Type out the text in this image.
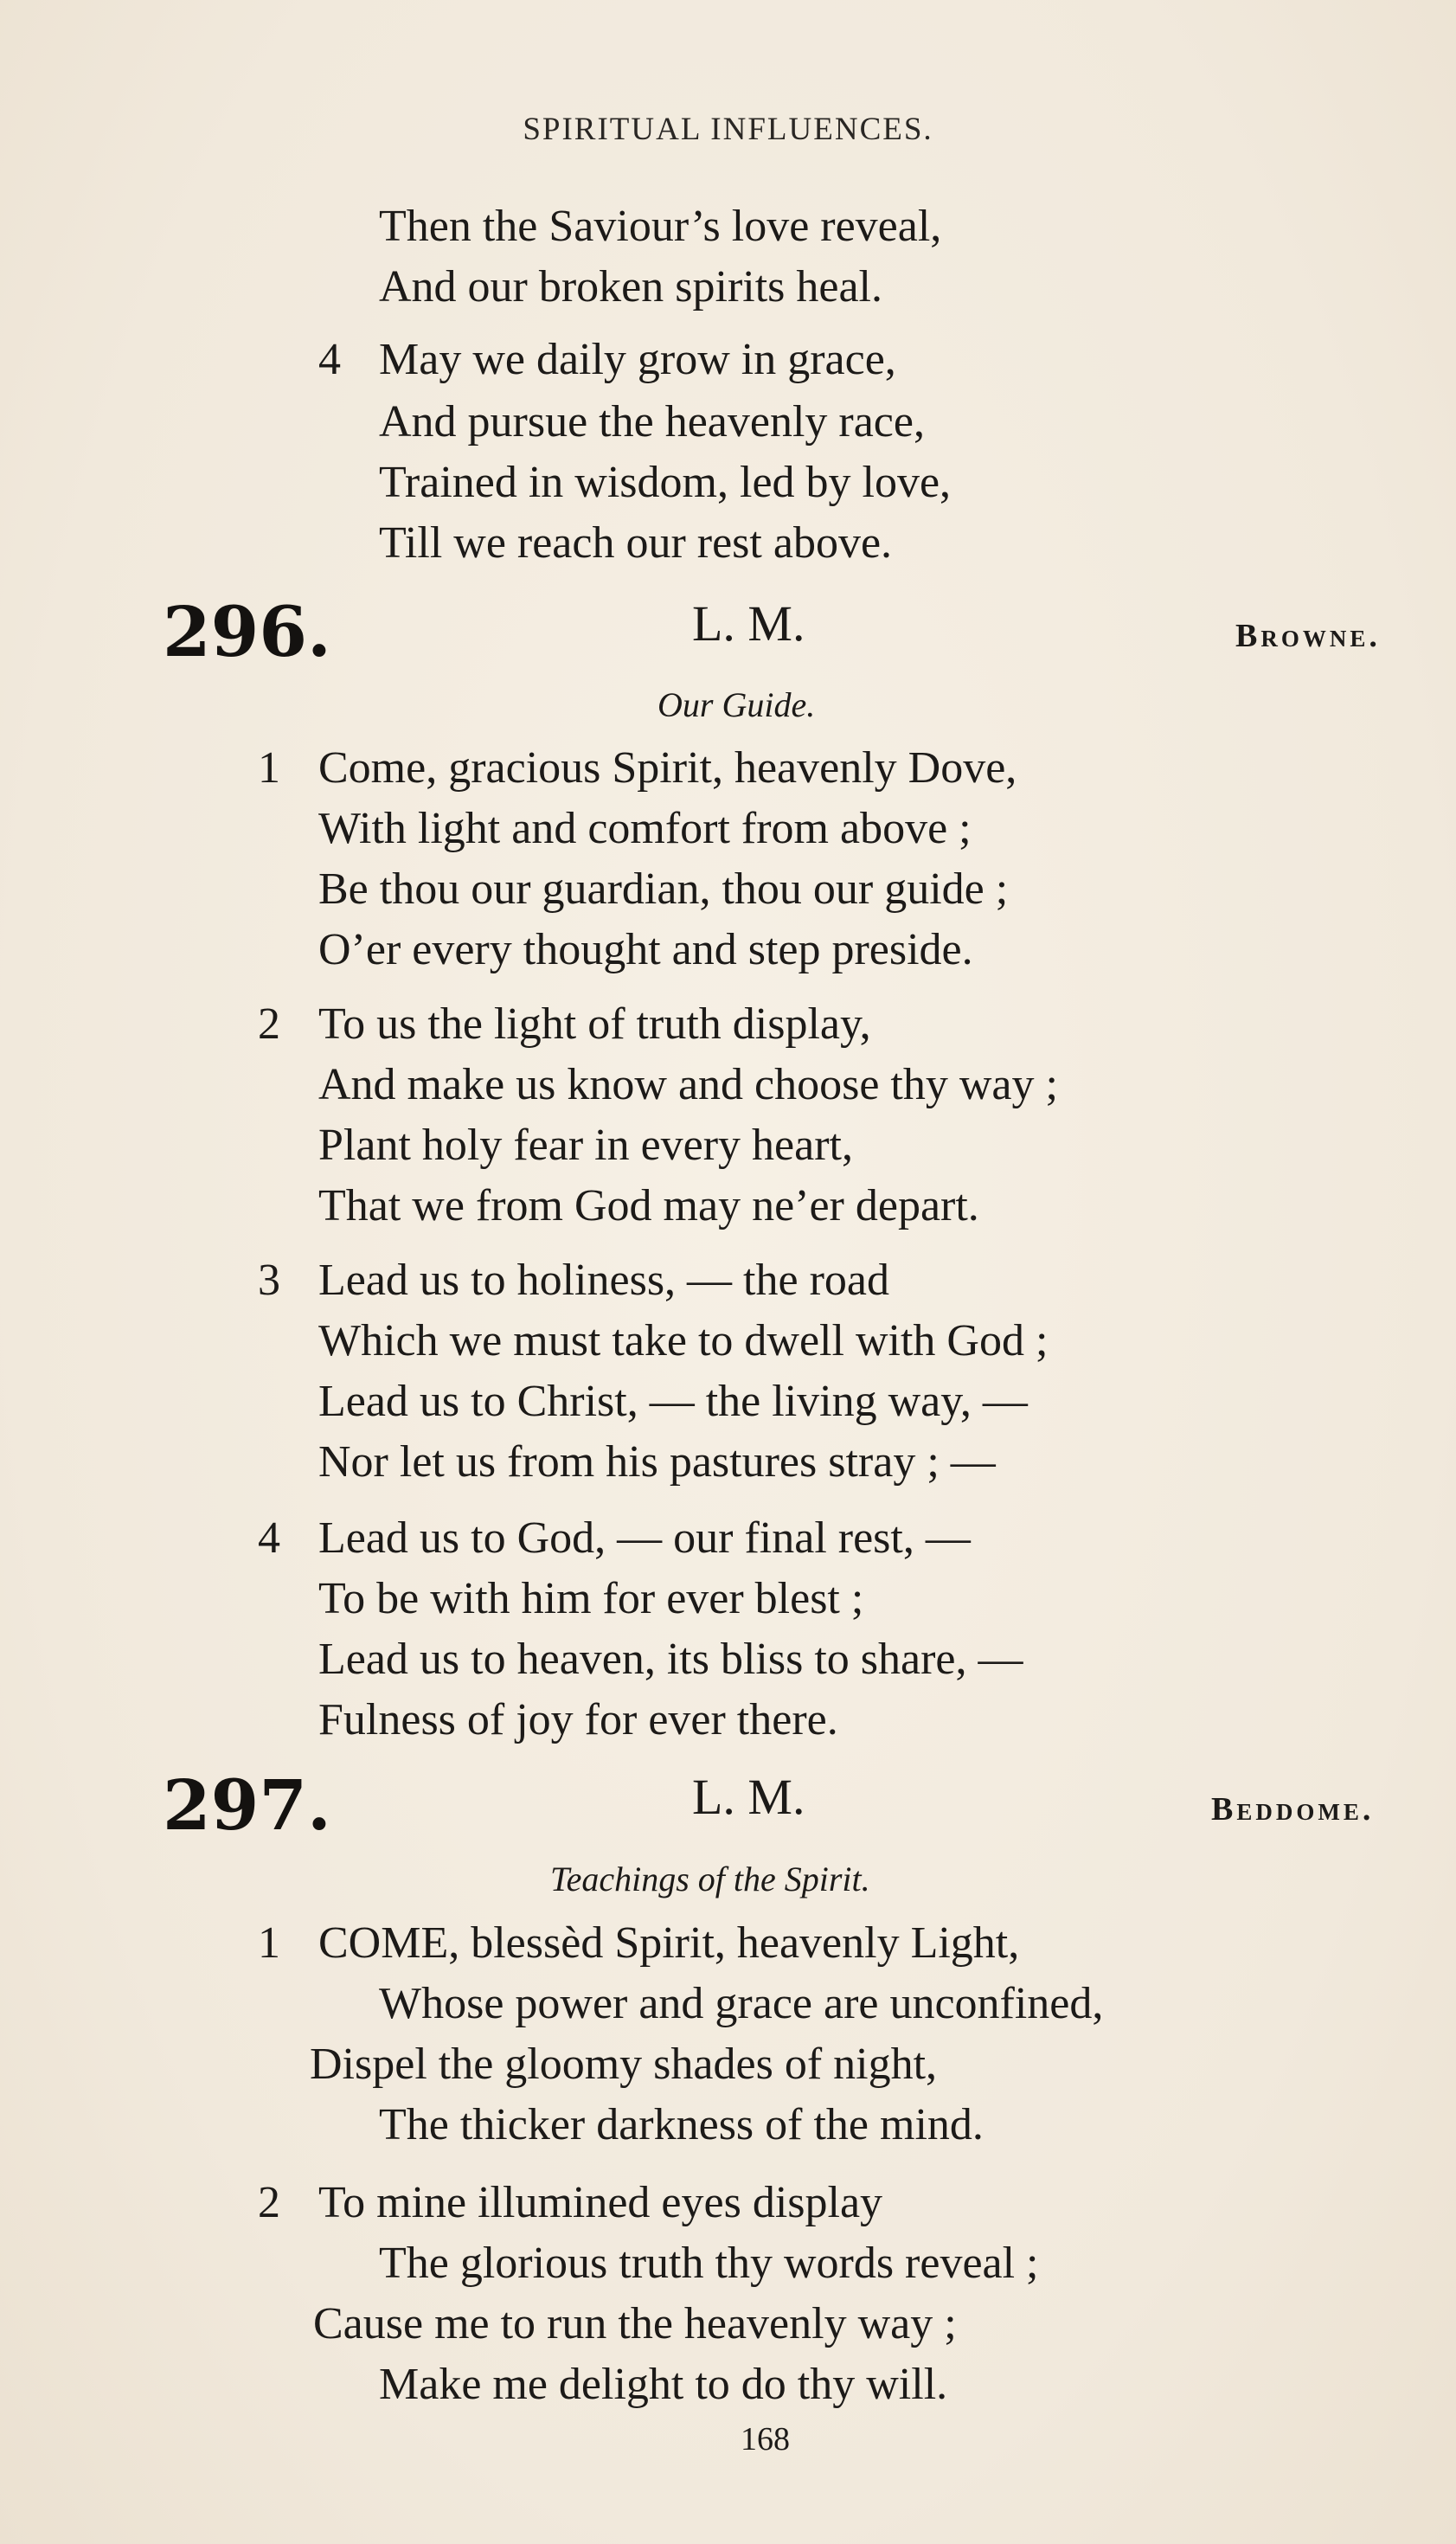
SPIRITUAL INFLUENCES.
Then the Saviour’s love reveal,
And our broken spirits heal.
4 May we daily grow in grace,
And pursue the heavenly race,
Trained in wisdom, led by love,
Till we reach our rest above.
296.	L. M.	Browne.
Our Guide.
1 Come, gracious Spirit, heavenly Dove,
With light and comfort from above ;
Be thou our guardian, thou our guide ;
O’er every thought and step preside.
2 To us the light of truth display,
And make us know and choose thy way ;
Plant holy fear in every heart,
That we from God may ne’er depart.
3 Lead us to holiness, — the road
Which we must take to dwell with God ;
Lead us to Christ, — the living way, —
Nor let us from his pastures stray ; —
4 Lead us to God, — our final rest, —
To be with him for ever blest ;
Lead us to heaven, its bliss to share, —
Fulness of joy for ever there.
297.	L. M.	Beddome.
Teachings of the Spirit.
1 COME, blessèd Spirit, heavenly Light,
Whose power and grace are unconfined,
Dispel the gloomy shades of night,
The thicker darkness of the mind.
2 To mine illumined eyes display
The glorious truth thy words reveal ;
Cause me to run the heavenly way ;
Make me delight to do thy will.
168
